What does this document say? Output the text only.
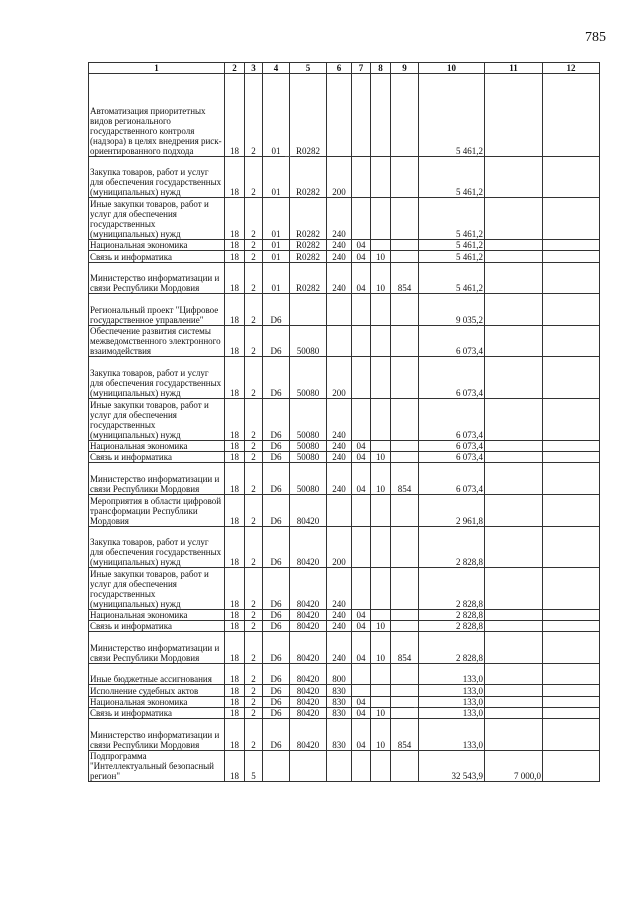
785
1	2	3	4	5	6	7	8	9	10	11	12
Автоматизация приоритетных видов регионального государственного контроля (надзора) в целях внедрения риск-ориентированного подхода	18	2	01	R0282					5 461,2		
Закупка товаров, работ и услуг для обеспечения государственных (муниципальных) нужд	18	2	01	R0282	200				5 461,2		
Иные закупки товаров, работ и услуг для обеспечения государственных (муниципальных) нужд	18	2	01	R0282	240				5 461,2		
Национальная экономика	18	2	01	R0282	240	04			5 461,2		
Связь и информатика	18	2	01	R0282	240	04	10		5 461,2		
Министерство информатизации и связи Республики Мордовия	18	2	01	R0282	240	04	10	854	5 461,2		
Региональный проект "Цифровое государственное управление"	18	2	D6						9 035,2		
Обеспечение развития системы межведомственного электронного взаимодействия	18	2	D6	50080					6 073,4		
Закупка товаров, работ и услуг для обеспечения государственных (муниципальных) нужд	18	2	D6	50080	200				6 073,4		
Иные закупки товаров, работ и услуг для обеспечения государственных (муниципальных) нужд	18	2	D6	50080	240				6 073,4		
Национальная экономика	18	2	D6	50080	240	04			6 073,4		
Связь и информатика	18	2	D6	50080	240	04	10		6 073,4		
Министерство информатизации и связи Республики Мордовия	18	2	D6	50080	240	04	10	854	6 073,4		
Мероприятия в области цифровой трансформации Республики Мордовия	18	2	D6	80420					2 961,8		
Закупка товаров, работ и услуг для обеспечения государственных (муниципальных) нужд	18	2	D6	80420	200				2 828,8		
Иные закупки товаров, работ и услуг для обеспечения государственных (муниципальных) нужд	18	2	D6	80420	240				2 828,8		
Национальная экономика	18	2	D6	80420	240	04			2 828,8		
Связь и информатика	18	2	D6	80420	240	04	10		2 828,8		
Министерство информатизации и связи Республики Мордовия	18	2	D6	80420	240	04	10	854	2 828,8		
Иные бюджетные ассигнования	18	2	D6	80420	800				133,0		
Исполнение судебных актов	18	2	D6	80420	830				133,0		
Национальная экономика	18	2	D6	80420	830	04			133,0		
Связь и информатика	18	2	D6	80420	830	04	10		133,0		
Министерство информатизации и связи Республики Мордовия	18	2	D6	80420	830	04	10	854	133,0		
Подпрограмма "Интеллектуальный безопасный регион"	18	5							32 543,9	7 000,0	
